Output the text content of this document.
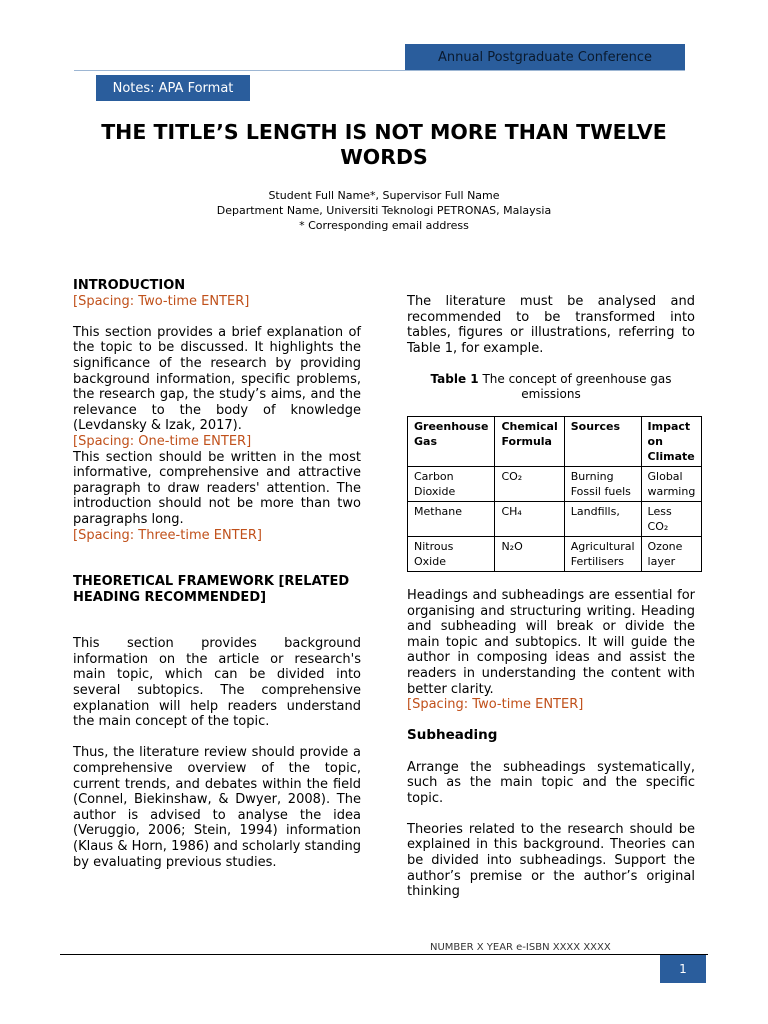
Annual Postgraduate Conference
Notes: APA Format
THE TITLE’S LENGTH IS NOT MORE THAN TWELVE WORDS
Student Full Name*, Supervisor Full Name
Department Name, Universiti Teknologi PETRONAS, Malaysia
* Corresponding email address
INTRODUCTION
[Spacing: Two-time ENTER]

This section provides a brief explanation of the topic to be discussed. It highlights the significance of the research by providing background information, specific problems, the research gap, the study’s aims, and the relevance to the body of knowledge (Levdansky & Izak, 2017).

[Spacing: One-time ENTER]

This section should be written in the most informative, comprehensive and attractive paragraph to draw readers' attention. The introduction should not be more than two paragraphs long.

[Spacing: Three-time ENTER]
THEORETICAL FRAMEWORK [RELATED HEADING RECOMMENDED]

This section provides background information on the article or research's main topic, which can be divided into several subtopics. The comprehensive explanation will help readers understand the main concept of the topic.

Thus, the literature review should provide a comprehensive overview of the topic, current trends, and debates within the field (Connel, Biekinshaw, & Dwyer, 2008). The author is advised to analyse the idea (Veruggio, 2006; Stein, 1994) information (Klaus & Horn, 1986) and scholarly standing by evaluating previous studies.

The literature must be analysed and recommended to be transformed into tables, figures or illustrations, referring to Table 1, for example.

Table 1 The concept of greenhouse gas emissions
Greenhouse Gas	Chemical Formula	Sources	Impact on Climate
Carbon Dioxide	CO₂	Burning Fossil fuels	Global warming
Methane	CH₄	Landfills,	Less CO₂
Nitrous Oxide	N₂O	Agricultural Fertilisers	Ozone layer

Headings and subheadings are essential for organising and structuring writing. Heading and subheading will break or divide the main topic and subtopics. It will guide the author in composing ideas and assist the readers in understanding the content with better clarity.

[Spacing: Two-time ENTER]
Subheading

Arrange the subheadings systematically, such as the main topic and the specific topic.

Theories related to the research should be explained in this background. Theories can be divided into subheadings. Support the author’s premise or the author’s original thinking

NUMBER X YEAR e-ISBN XXXX XXXX
1
